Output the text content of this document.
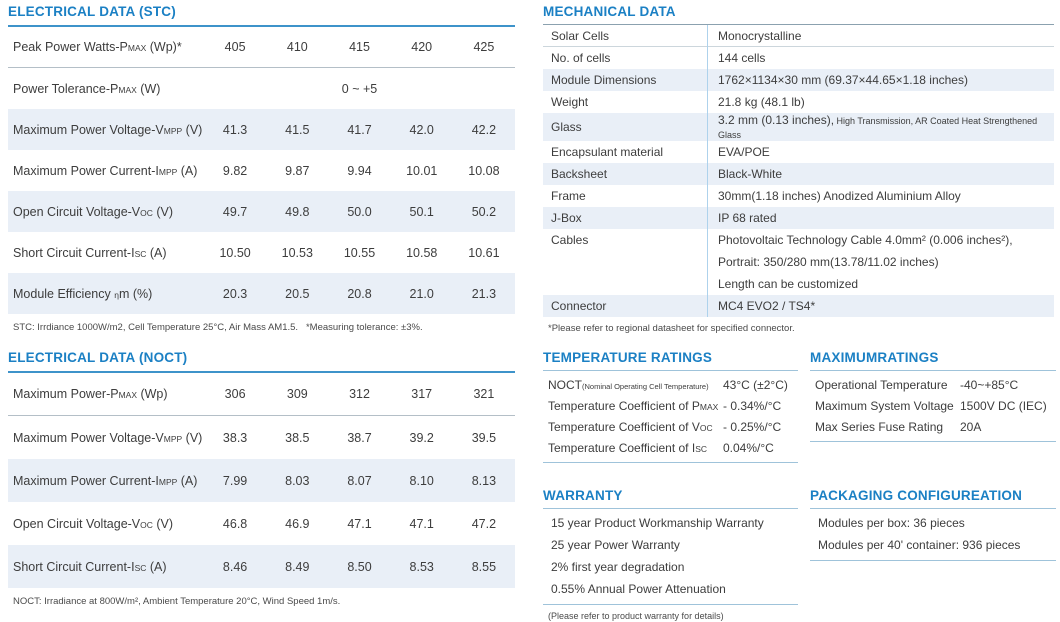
ELECTRICAL DATA (STC)
Peak Power Watts-PMAX (Wp)*	405	410	415	420	425
Power Tolerance-PMAX (W)	0 ~ +5
Maximum Power Voltage-VMPP (V)	41.3	41.5	41.7	42.0	42.2
Maximum Power Current-IMPP (A)	9.82	9.87	9.94	10.01	10.08
Open Circuit Voltage-VOC (V)	49.7	49.8	50.0	50.1	50.2
Short Circuit Current-ISC (A)	10.50	10.53	10.55	10.58	10.61
Module Efficiency ηm (%)	20.3	20.5	20.8	21.0	21.3
STC: Irrdiance 1000W/m2, Cell Temperature 25°C, Air Mass AM1.5.   *Measuring tolerance: ±3%.
ELECTRICAL DATA (NOCT)
Maximum Power-PMAX (Wp)	306	309	312	317	321
Maximum Power Voltage-VMPP (V)	38.3	38.5	38.7	39.2	39.5
Maximum Power Current-IMPP (A)	7.99	8.03	8.07	8.10	8.13
Open Circuit Voltage-VOC (V)	46.8	46.9	47.1	47.1	47.2
Short Circuit Current-ISC (A)	8.46	8.49	8.50	8.53	8.55
NOCT: Irradiance at 800W/m², Ambient Temperature 20°C, Wind Speed 1m/s.
MECHANICAL DATA
Solar Cells	Monocrystalline
No. of cells	144 cells
Module Dimensions	1762×1134×30 mm (69.37×44.65×1.18 inches)
Weight	21.8 kg (48.1 lb)
Glass	3.2 mm (0.13 inches), High Transmission, AR Coated Heat Strengthened Glass
Encapsulant material	EVA/POE
Backsheet	Black-White
Frame	30mm(1.18 inches) Anodized Aluminium Alloy
J-Box	IP 68 rated
Cables	Photovoltaic Technology Cable 4.0mm² (0.006 inches²),
Portrait: 350/280 mm(13.78/11.02 inches)
Length can be customized
Connector	MC4 EVO2 / TS4*
*Please refer to regional datasheet for specified connector.
TEMPERATURE RATINGS
NOCT(Nominal Operating Cell Temperature)	43°C (±2°C)
Temperature Coefficient of PMAX - 0.34%/°C
Temperature Coefficient of VOC - 0.25%/°C
Temperature Coefficient of ISC	0.04%/°C
MAXIMUMRATINGS
Operational Temperature	-40~+85°C
Maximum System Voltage 1500V DC (IEC)
Max Series Fuse Rating	20A
WARRANTY
15 year Product Workmanship Warranty
25 year Power Warranty
2% first year degradation
0.55% Annual Power Attenuation
(Please refer to product warranty for details)
PACKAGING CONFIGUREATION
Modules per box: 36 pieces
Modules per 40' container: 936 pieces
